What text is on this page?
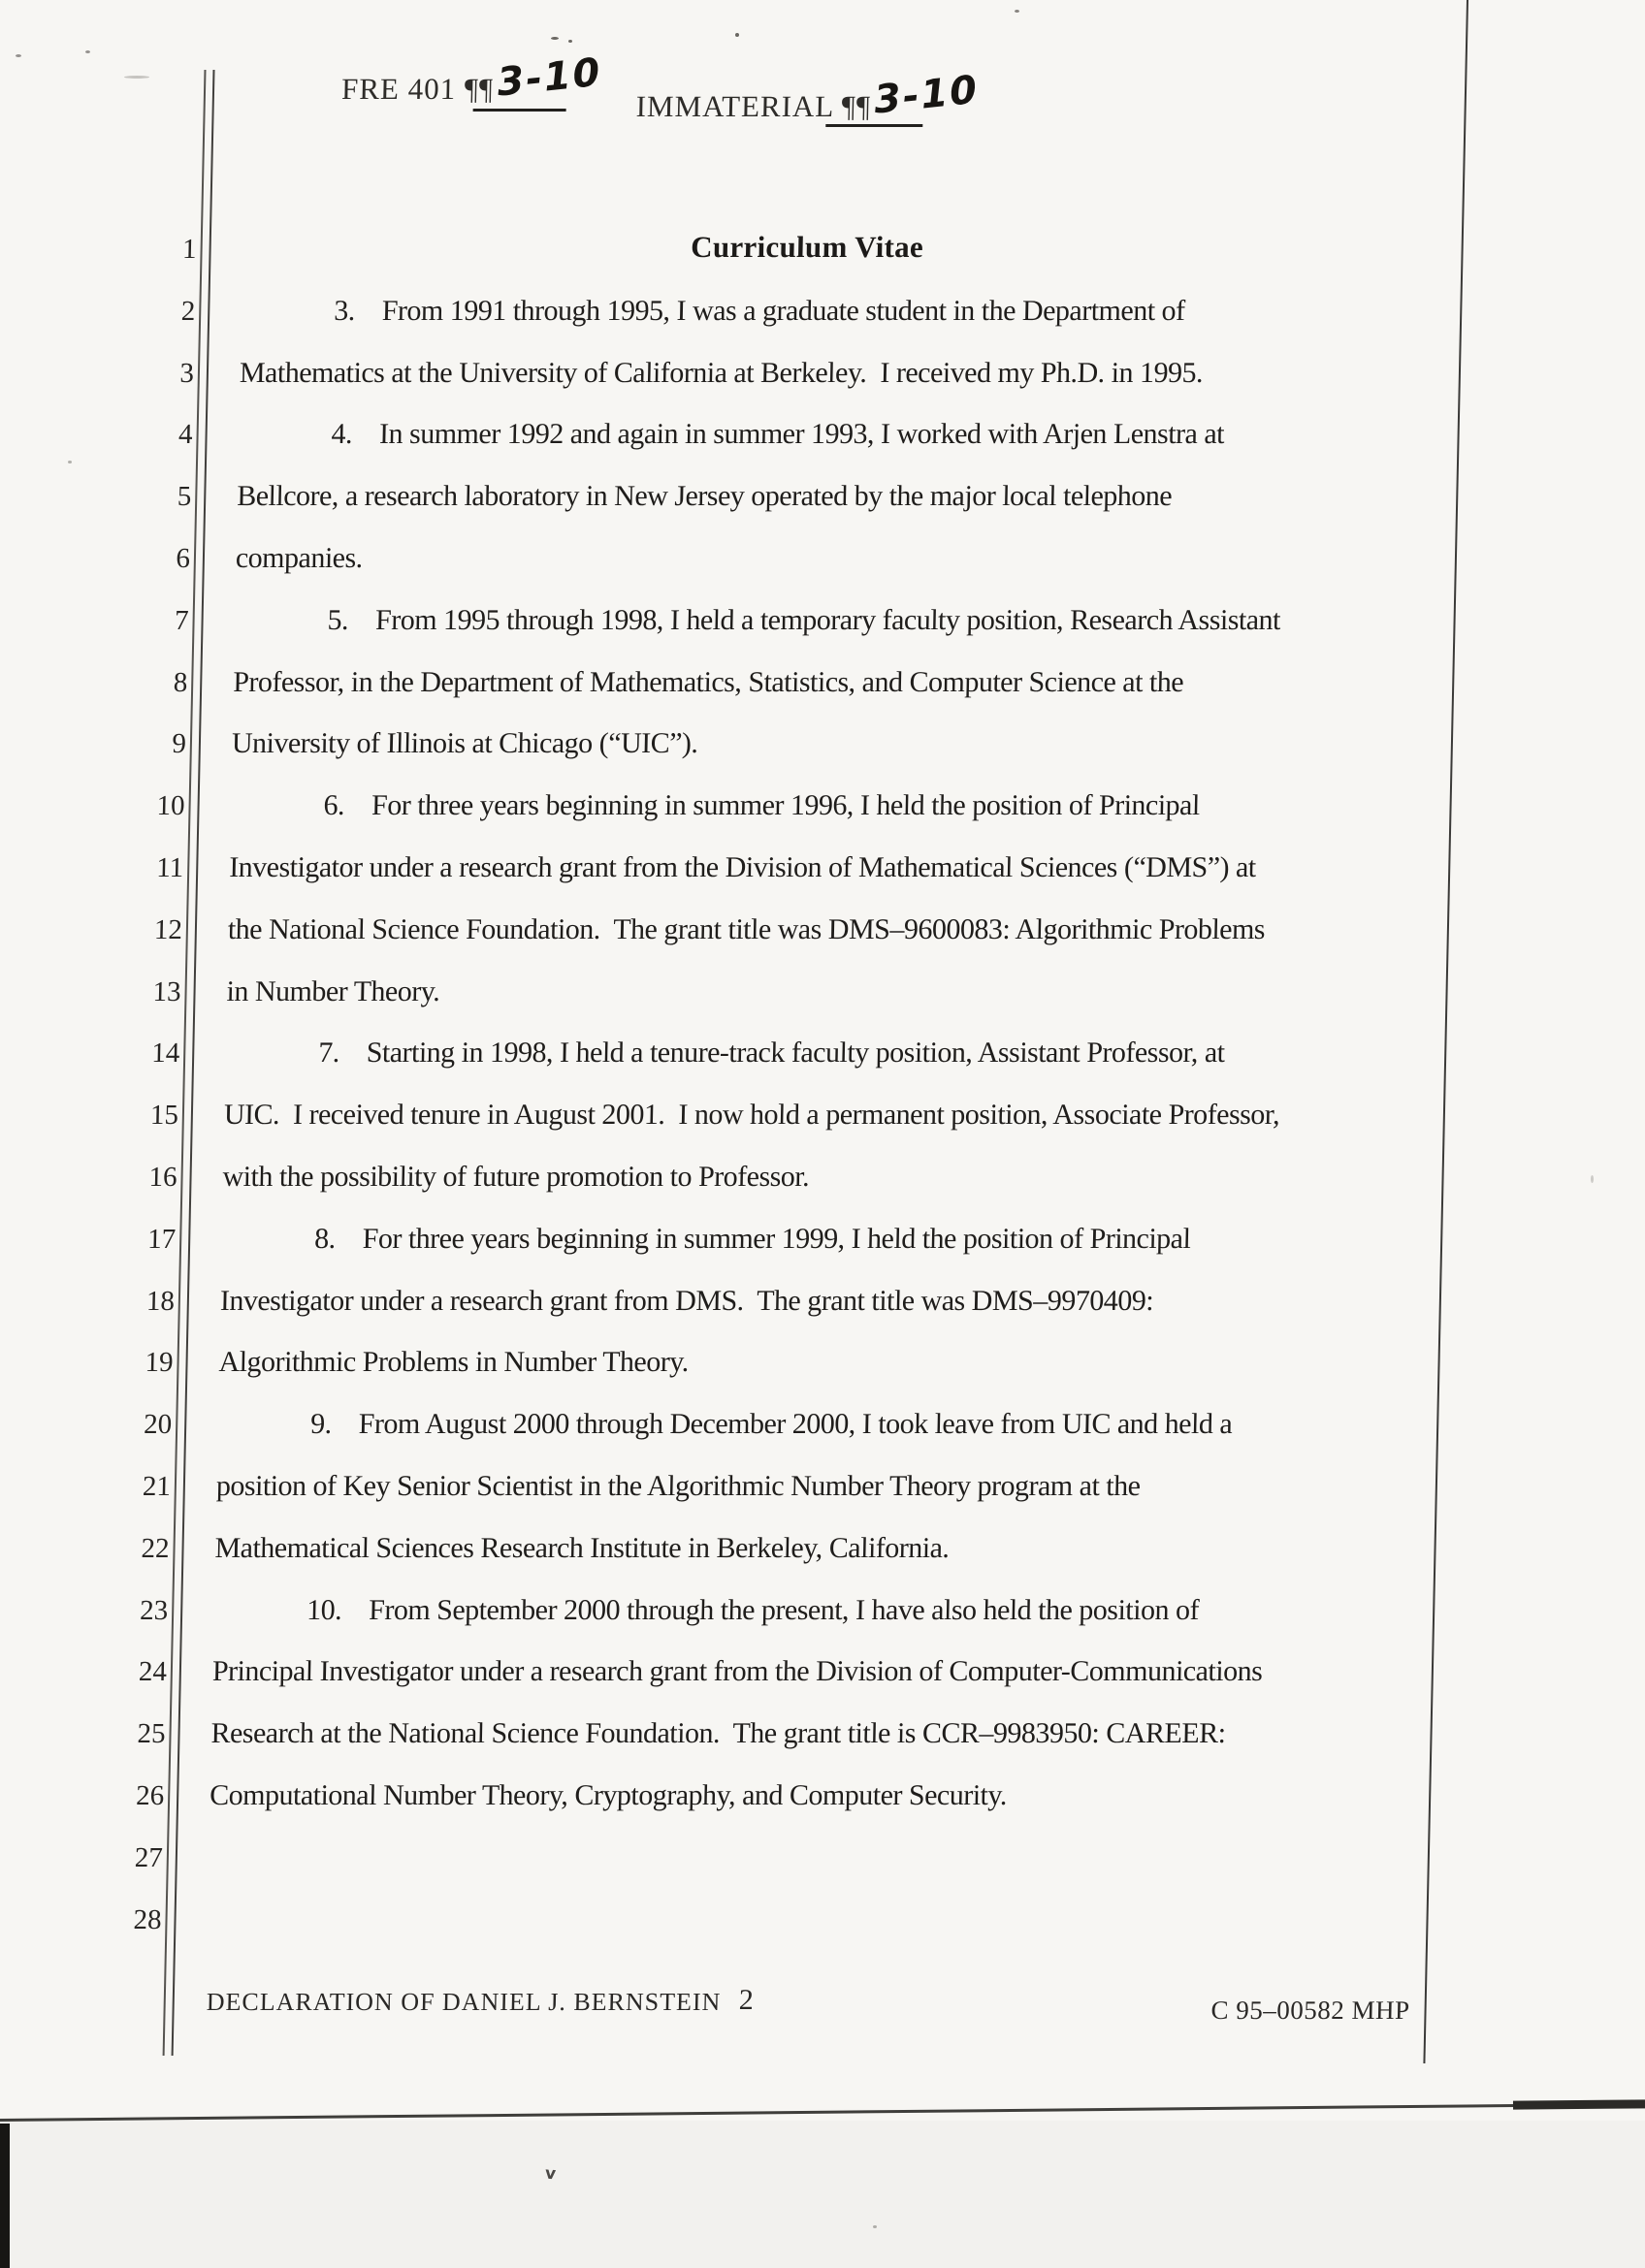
FRE 401 ¶¶ 3-10
IMMATERIAL ¶¶ 3-10
Curriculum Vitae
1
2
3
4
5
6
7
8
9
10
11
12
13
14
15
16
17
18
19
20
21
22
23
24
25
26
27
28
3.    From 1991 through 1995, I was a graduate student in the Department of
Mathematics at the University of California at Berkeley.  I received my Ph.D. in 1995.
4.    In summer 1992 and again in summer 1993, I worked with Arjen Lenstra at
Bellcore, a research laboratory in New Jersey operated by the major local telephone
companies.
5.    From 1995 through 1998, I held a temporary faculty position, Research Assistant
Professor, in the Department of Mathematics, Statistics, and Computer Science at the
University of Illinois at Chicago (“UIC”).
6.    For three years beginning in summer 1996, I held the position of Principal
Investigator under a research grant from the Division of Mathematical Sciences (“DMS”) at
the National Science Foundation.  The grant title was DMS–9600083: Algorithmic Problems
in Number Theory.
7.    Starting in 1998, I held a tenure-track faculty position, Assistant Professor, at
UIC.  I received tenure in August 2001.  I now hold a permanent position, Associate Professor,
with the possibility of future promotion to Professor.
8.    For three years beginning in summer 1999, I held the position of Principal
Investigator under a research grant from DMS.  The grant title was DMS–9970409:
Algorithmic Problems in Number Theory.
9.    From August 2000 through December 2000, I took leave from UIC and held a
position of Key Senior Scientist in the Algorithmic Number Theory program at the
Mathematical Sciences Research Institute in Berkeley, California.
10.    From September 2000 through the present, I have also held the position of
Principal Investigator under a research grant from the Division of Computer-Communications
Research at the National Science Foundation.  The grant title is CCR–9983950: CAREER:
Computational Number Theory, Cryptography, and Computer Security.
DECLARATION OF DANIEL J. BERNSTEIN 2	C 95–00582 MHP
v
